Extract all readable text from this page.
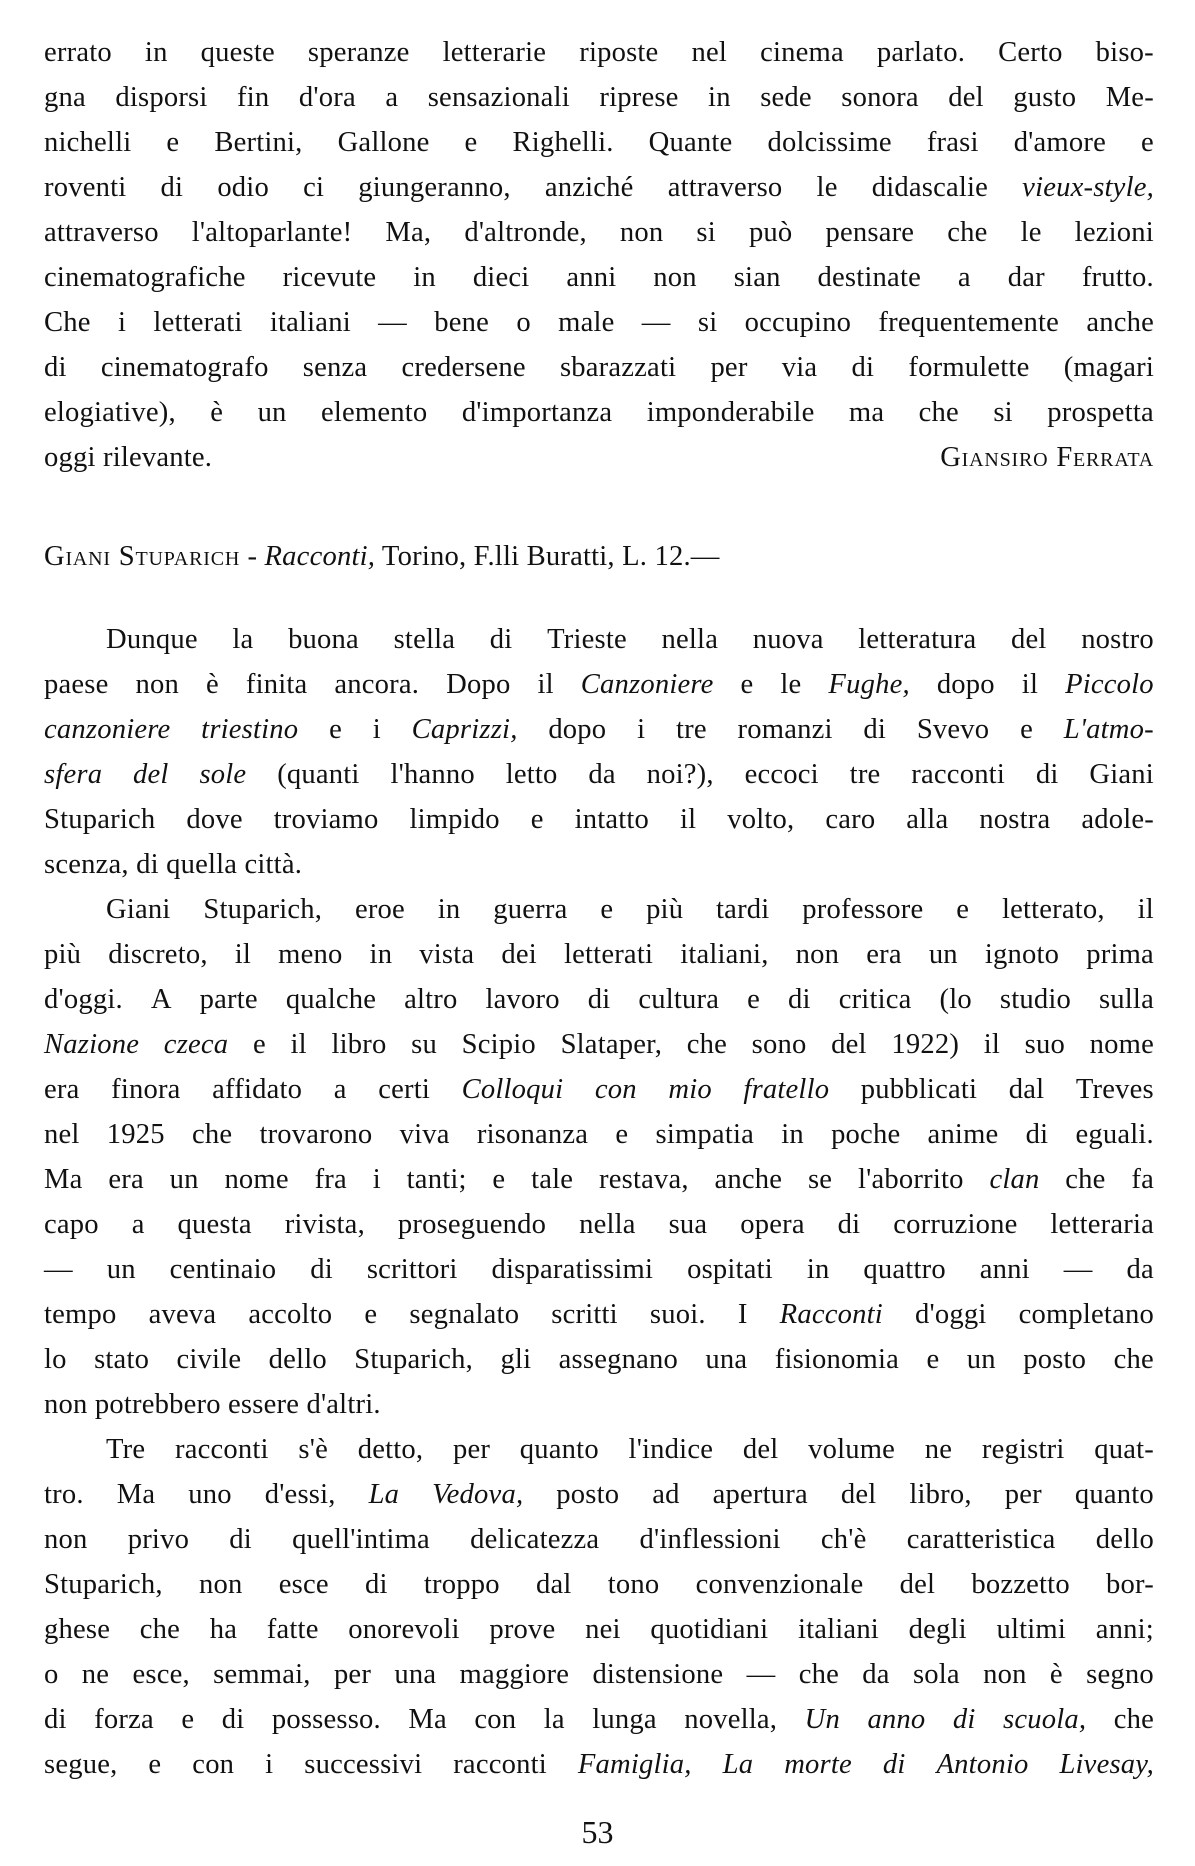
errato in queste speranze letterarie riposte nel cinema parlato. Certo biso-
gna disporsi fin d'ora a sensazionali riprese in sede sonora del gusto Me-
nichelli e Bertini, Gallone e Righelli. Quante dolcissime frasi d'amore e
roventi di odio ci giungeranno, anziché attraverso le didascalie vieux-style,
attraverso l'altoparlante! Ma, d'altronde, non si può pensare che le lezioni
cinematografiche ricevute in dieci anni non sian destinate a dar frutto.
Che i letterati italiani — bene o male — si occupino frequentemente anche
di cinematografo senza credersene sbarazzati per via di formulette (magari
elogiative), è un elemento d'importanza imponderabile ma che si prospetta
oggi rilevante.	Giansiro Ferrata
Giani Stuparich - Racconti, Torino, F.lli Buratti, L. 12.—
Dunque la buona stella di Trieste nella nuova letteratura del nostro
paese non è finita ancora. Dopo il Canzoniere e le Fughe, dopo il Piccolo
canzoniere triestino e i Caprizzi, dopo i tre romanzi di Svevo e L'atmo-
sfera del sole (quanti l'hanno letto da noi?), eccoci tre racconti di Giani
Stuparich dove troviamo limpido e intatto il volto, caro alla nostra adole-
scenza, di quella città.
Giani Stuparich, eroe in guerra e più tardi professore e letterato, il
più discreto, il meno in vista dei letterati italiani, non era un ignoto prima
d'oggi. A parte qualche altro lavoro di cultura e di critica (lo studio sulla
Nazione czeca e il libro su Scipio Slataper, che sono del 1922) il suo nome
era finora affidato a certi Colloqui con mio fratello pubblicati dal Treves
nel 1925 che trovarono viva risonanza e simpatia in poche anime di eguali.
Ma era un nome fra i tanti; e tale restava, anche se l'aborrito clan che fa
capo a questa rivista, proseguendo nella sua opera di corruzione letteraria
— un centinaio di scrittori disparatissimi ospitati in quattro anni — da
tempo aveva accolto e segnalato scritti suoi. I Racconti d'oggi completano
lo stato civile dello Stuparich, gli assegnano una fisionomia e un posto che
non potrebbero essere d'altri.
Tre racconti s'è detto, per quanto l'indice del volume ne registri quat-
tro. Ma uno d'essi, La Vedova, posto ad apertura del libro, per quanto
non privo di quell'intima delicatezza d'inflessioni ch'è caratteristica dello
Stuparich, non esce di troppo dal tono convenzionale del bozzetto bor-
ghese che ha fatte onorevoli prove nei quotidiani italiani degli ultimi anni;
o ne esce, semmai, per una maggiore distensione — che da sola non è segno
di forza e di possesso. Ma con la lunga novella, Un anno di scuola, che
segue, e con i successivi racconti Famiglia, La morte di Antonio Livesay,
53
